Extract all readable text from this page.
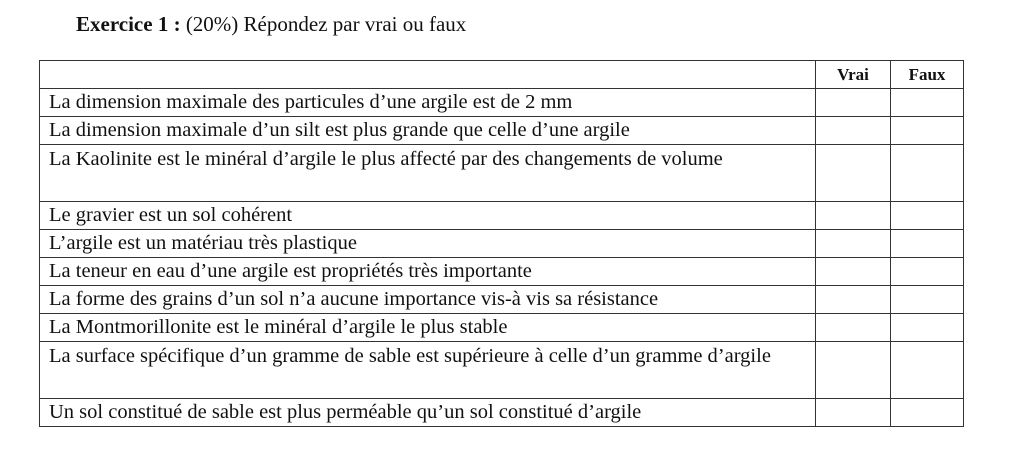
Exercice 1 : (20%) Répondez par vrai ou faux
	Vrai	Faux
La dimension maximale des particules d’une argile est de 2 mm		
La dimension maximale d’un silt est plus grande que celle d’une argile		
La Kaolinite est le minéral d’argile le plus affecté par des changements de volume		
Le gravier est un sol cohérent		
L’argile est un matériau très plastique		
La teneur en eau d’une argile est propriétés très importante		
La forme des grains d’un sol n’a aucune importance vis-à vis sa résistance		
La Montmorillonite est le minéral d’argile le plus stable		
La surface spécifique d’un gramme de sable est supérieure à celle d’un gramme d’argile		
Un sol constitué de sable est plus perméable qu’un sol constitué d’argile		
